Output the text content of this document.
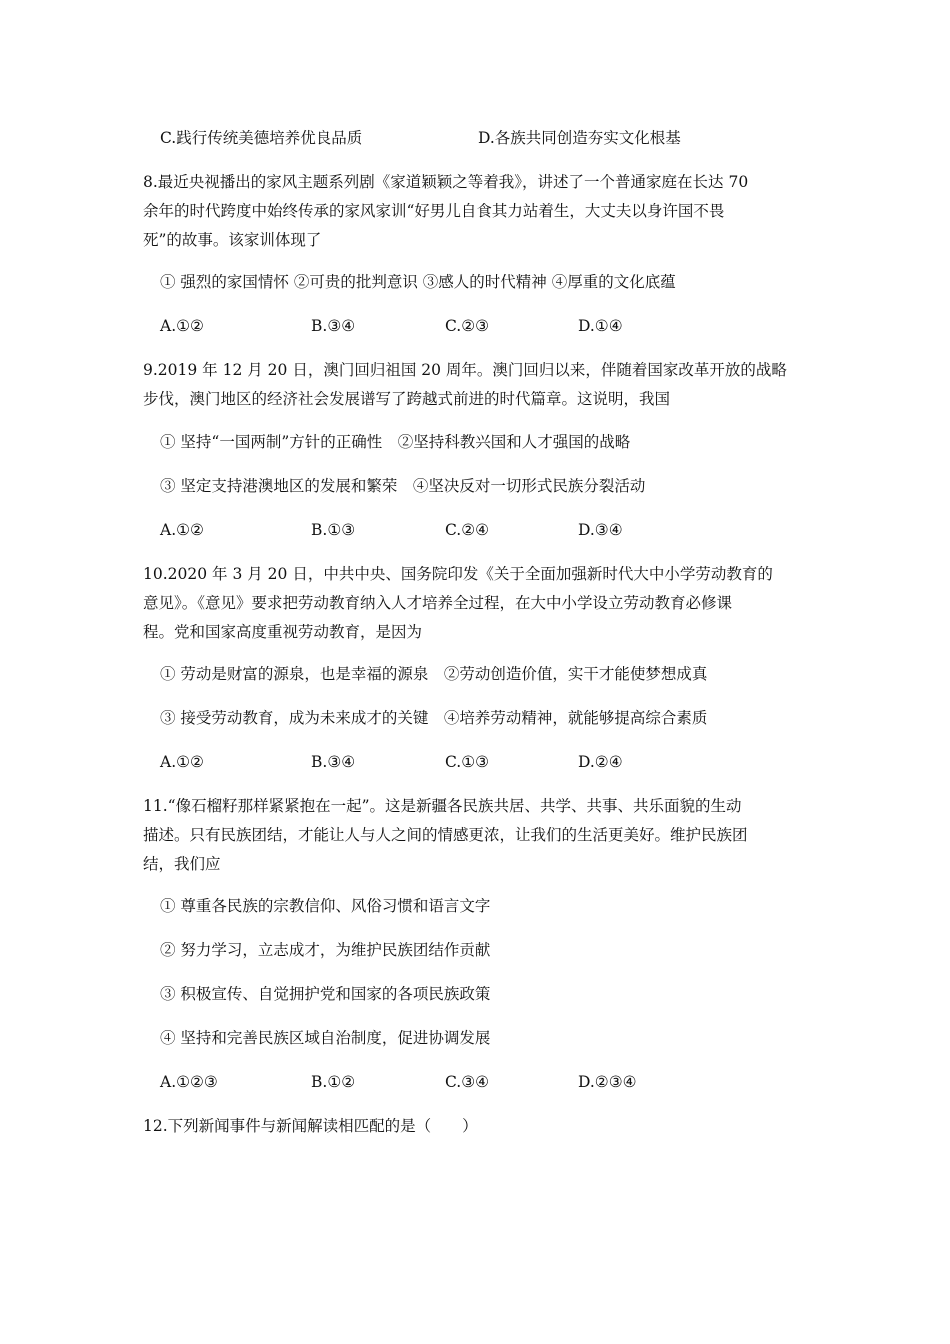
C.践行传统美德培养优良品质	D.各族共同创造夯实文化根基
8.最近央视播出的家风主题系列剧《家道颖颖之等着我》，讲述了一个普通家庭在长达 70
余年的时代跨度中始终传承的家风家训“好男儿自食其力站着生，大丈夫以身许国不畏
死”的故事。该家训体现了
① 强烈的家国情怀 ②可贵的批判意识 ③感人的时代精神 ④厚重的文化底蕴
A.①②	B.③④	C.②③	D.①④
9.2019 年 12 月 20 日，澳门回归祖国 20 周年。澳门回归以来，伴随着国家改革开放的战略
步伐，澳门地区的经济社会发展谱写了跨越式前进的时代篇章。这说明，我国
① 坚持“一国两制”方针的正确性　②坚持科教兴国和人才强国的战略
③ 坚定支持港澳地区的发展和繁荣　④坚决反对一切形式民族分裂活动
A.①②	B.①③	C.②④	D.③④
10.2020 年 3 月 20 日，中共中央、国务院印发《关于全面加强新时代大中小学劳动教育的
意见》。《意见》要求把劳动教育纳入人才培养全过程，在大中小学设立劳动教育必修课
程。党和国家高度重视劳动教育，是因为
① 劳动是财富的源泉，也是幸福的源泉　②劳动创造价值，实干才能使梦想成真
③ 接受劳动教育，成为未来成才的关键　④培养劳动精神，就能够提高综合素质
A.①②	B.③④	C.①③	D.②④
11.“像石榴籽那样紧紧抱在一起”。这是新疆各民族共居、共学、共事、共乐面貌的生动
描述。只有民族团结，才能让人与人之间的情感更浓，让我们的生活更美好。维护民族团
结，我们应
① 尊重各民族的宗教信仰、风俗习惯和语言文字
② 努力学习，立志成才，为维护民族团结作贡献
③ 积极宣传、自觉拥护党和国家的各项民族政策
④ 坚持和完善民族区域自治制度，促进协调发展
A.①②③	B.①②	C.③④	D.②③④
12.下列新闻事件与新闻解读相匹配的是（　　）
